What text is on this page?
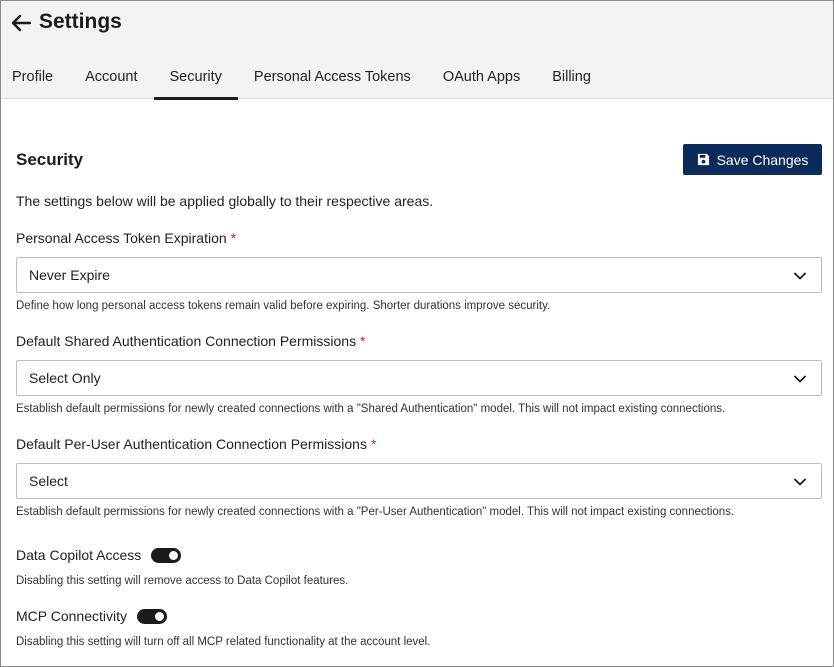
Settings
Profile Account Security Personal Access Tokens OAuth Apps Billing
Security	Save Changes
The settings below will be applied globally to their respective areas.
Personal Access Token Expiration *
Never Expire
Define how long personal access tokens remain valid before expiring. Shorter durations improve security.
Default Shared Authentication Connection Permissions *
Select Only
Establish default permissions for newly created connections with a "Shared Authentication" model. This will not impact existing connections.
Default Per-User Authentication Connection Permissions *
Select
Establish default permissions for newly created connections with a "Per-User Authentication" model. This will not impact existing connections.
Data Copilot Access
Disabling this setting will remove access to Data Copilot features.
MCP Connectivity
Disabling this setting will turn off all MCP related functionality at the account level.
